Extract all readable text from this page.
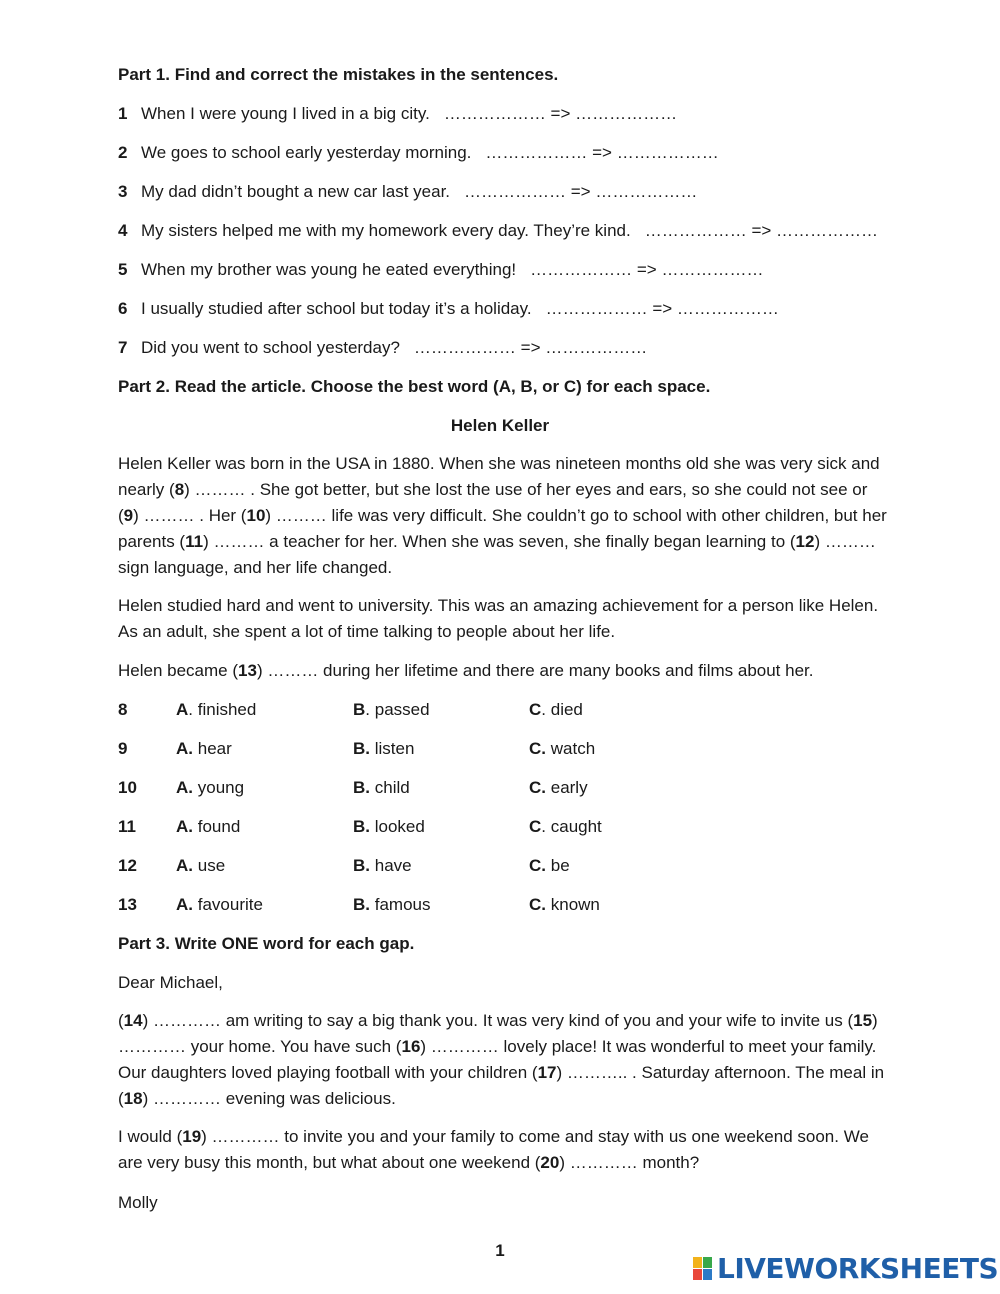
Part 1. Find and correct the mistakes in the sentences.
1 When I were young I lived in a big city. ……………… => ………………
2 We goes to school early yesterday morning. ……………… => ………………
3 My dad didn’t bought a new car last year. ……………… => ………………
4 My sisters helped me with my homework every day. They’re kind. ……………… => ………………
5 When my brother was young he eated everything! ……………… => ………………
6 I usually studied after school but today it’s a holiday. ……………… => ………………
7 Did you went to school yesterday? ……………… => ………………
Part 2. Read the article. Choose the best word (A, B, or C) for each space.
Helen Keller
Helen Keller was born in the USA in 1880. When she was nineteen months old she was very sick and nearly (8) ……… . She got better, but she lost the use of her eyes and ears, so she could not see or (9) ……… . Her (10) ……… life was very difficult. She couldn’t go to school with other children, but her parents (11) ……… a teacher for her. When she was seven, she finally began learning to (12) ……… sign language, and her life changed.
Helen studied hard and went to university. This was an amazing achievement for a person like Helen. As an adult, she spent a lot of time talking to people about her life.
Helen became (13) ……… during her lifetime and there are many books and films about her.
8	A. finished	B. passed	C. died
9	A. hear	B. listen	C. watch
10 A. young	B. child	C. early
11 A. found	B. looked	C. caught
12 A. use	B. have	C. be
13 A. favourite	B. famous	C. known
Part 3. Write ONE word for each gap.
Dear Michael,
(14) ………… am writing to say a big thank you. It was very kind of you and your wife to invite us (15) ………… your home. You have such (16) ………… lovely place! It was wonderful to meet your family. Our daughters loved playing football with your children (17) ……….. . Saturday afternoon. The meal in (18) ………… evening was delicious.
I would (19) ………… to invite you and your family to come and stay with us one weekend soon. We are very busy this month, but what about one weekend (20) ………… month?
Molly
1
LIVEWORKSHEETS
